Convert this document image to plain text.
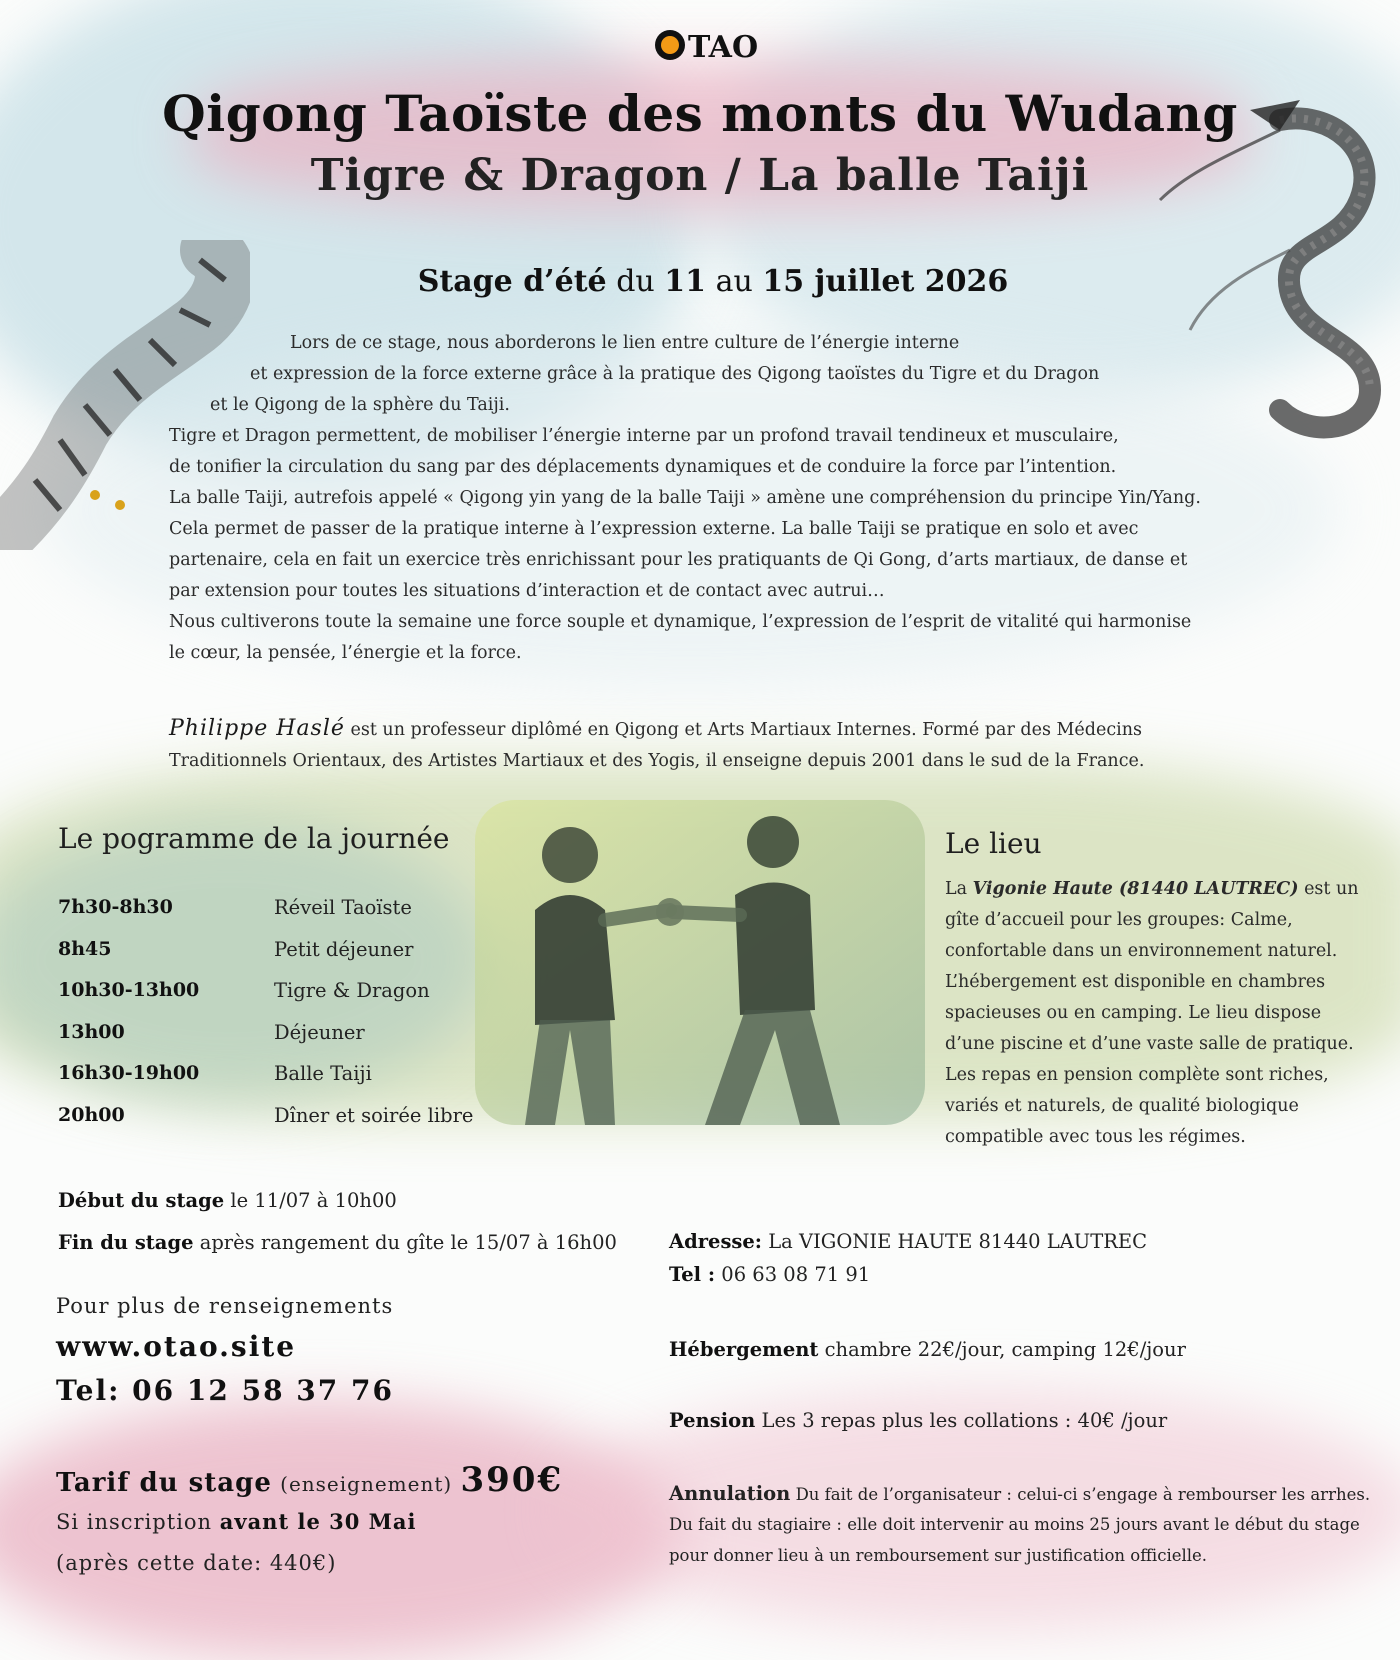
TAO
Qigong Taoïste des monts du Wudang
Tigre & Dragon / La balle Taiji
Stage d’été du 11 au 15 juillet 2026
Lors de ce stage, nous aborderons le lien entre culture de l’énergie interne
et expression de la force externe grâce à la pratique des Qigong taoïstes du Tigre et du Dragon
et le Qigong de la sphère du Taiji.
Tigre et Dragon permettent, de mobiliser l’énergie interne par un profond travail tendineux et musculaire,
de tonifier la circulation du sang par des déplacements dynamiques et de conduire la force par l’intention.
La balle Taiji, autrefois appelé « Qigong yin yang de la balle Taiji » amène une compréhension du principe Yin/Yang.
Cela permet de passer de la pratique interne à l’expression externe. La balle Taiji se pratique en solo et avec
partenaire, cela en fait un exercice très enrichissant pour les pratiquants de Qi Gong, d’arts martiaux, de danse et
par extension pour toutes les situations d’interaction et de contact avec autrui…
Nous cultiverons toute la semaine une force souple et dynamique, l’expression de l’esprit de vitalité qui harmonise
le cœur, la pensée, l’énergie et la force.
Philippe Haslé est un professeur diplômé en Qigong et Arts Martiaux Internes. Formé par des Médecins
Traditionnels Orientaux, des Artistes Martiaux et des Yogis, il enseigne depuis 2001 dans le sud de la France.
Le pogramme de la journée
7h30-8h30	Réveil Taoïste
8h45	Petit déjeuner
10h30-13h00	Tigre & Dragon
13h00	Déjeuner
16h30-19h00	Balle Taiji
20h00	Dîner et soirée libre
Le lieu
La Vigonie Haute (81440 LAUTREC) est un gîte d’accueil pour les groupes: Calme, confortable dans un environnement naturel. L’hébergement est disponible en chambres spacieuses ou en camping. Le lieu dispose d’une piscine et d’une vaste salle de pratique.
Les repas en pension complète sont riches, variés et naturels, de qualité biologique compatible avec tous les régimes.
Début du stage le 11/07 à 10h00
Fin du stage après rangement du gîte le 15/07 à 16h00
Pour plus de renseignements
www.otao.site
Tel: 06 12 58 37 76
Tarif du stage (enseignement) 390€
Si inscription avant le 30 Mai
(après cette date: 440€)
Adresse: La VIGONIE HAUTE 81440 LAUTREC
Tel : 06 63 08 71 91
Hébergement chambre 22€/jour, camping 12€/jour
Pension Les 3 repas plus les collations : 40€ /jour
Annulation Du fait de l’organisateur : celui-ci s’engage à rembourser les arrhes.
Du fait du stagiaire : elle doit intervenir au moins 25 jours avant le début du stage
pour donner lieu à un remboursement sur justification officielle.
